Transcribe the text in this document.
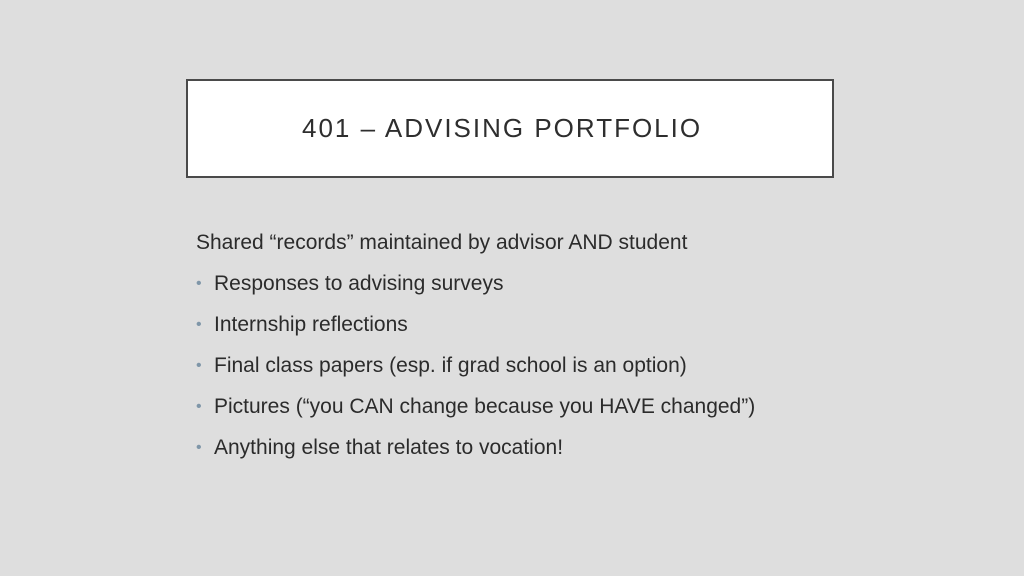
401 – ADVISING PORTFOLIO
Shared “records” maintained by advisor AND student
• Responses to advising surveys
• Internship reflections
• Final class papers (esp. if grad school is an option)
• Pictures (“you CAN change because you HAVE changed”)
• Anything else that relates to vocation!
